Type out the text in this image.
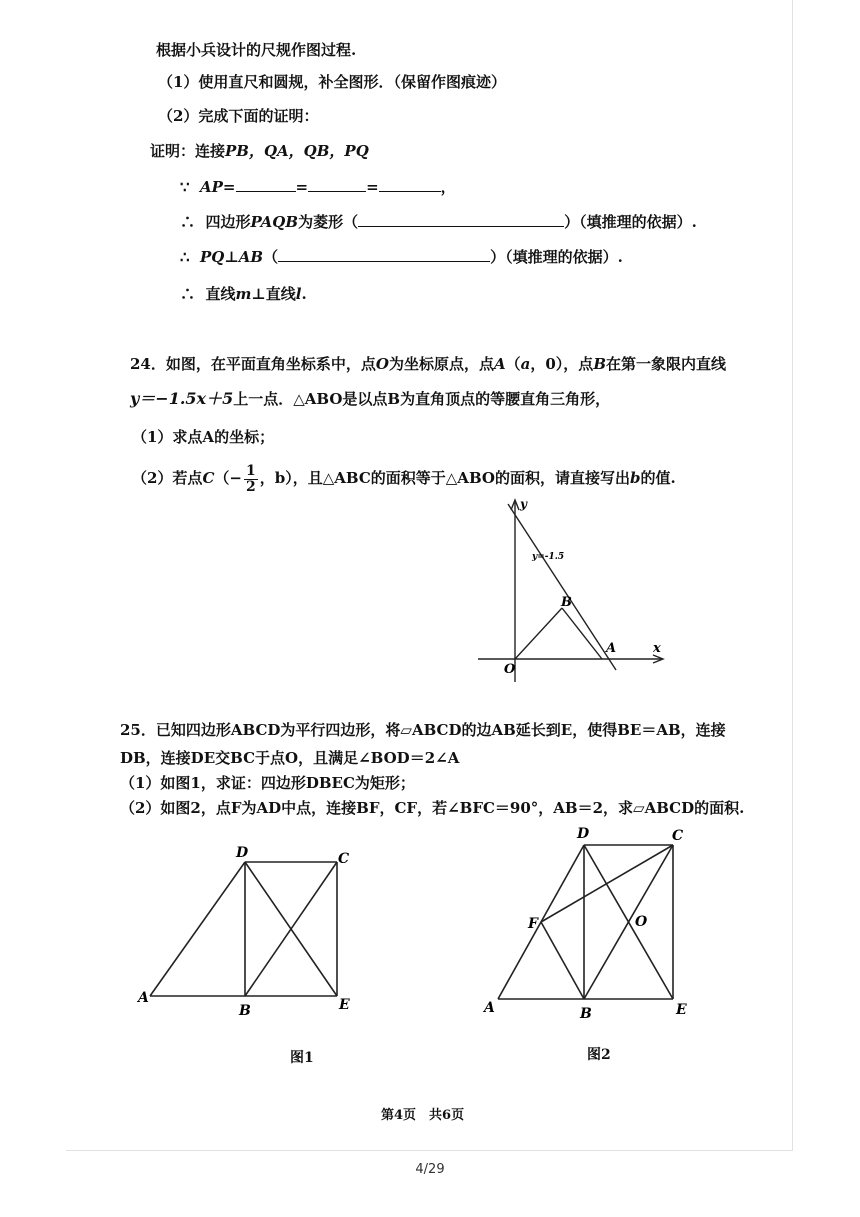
根据小兵设计的尺规作图过程.
（1）使用直尺和圆规，补全图形．（保留作图痕迹）
（2）完成下面的证明：
证明：连接PB，QA，QB，PQ
∵ AP=	=	=	，
∴ 四边形PAQB为菱形（	）（填推理的依据）.
∴ PQ⊥AB（	）（填推理的依据）.
∴ 直线m⊥直线l.
24．如图，在平面直角坐标系中，点O为坐标原点，点A（a，0），点B在第一象限内直线
y＝−1.5x＋5上一点．△ABO是以点B为直角顶点的等腰直角三角形，
（1）求点A的坐标；
（2）若点$C(- \frac{1}{2}$ ，b），且△ABC的面积等于△ABO的面积，请直接写出b的值.
y
x
O
B
A
y=-1.5
25．已知四边形ABCD为平行四边形，将▱ABCD的边AB延长到E，使得BE＝AB，连接
DB，连接DE交BC于点O，且满足∠BOD＝2∠A
（1）如图1，求证：四边形DBEC为矩形；
（2）如图2，点F为AD中点，连接BF，CF，若∠BFC＝90°，AB＝2，求▱ABCD的面积.
A
B
C
D
E
图1
A	B
C
D
E
F	O
图2
第4页　共6页
4/29
